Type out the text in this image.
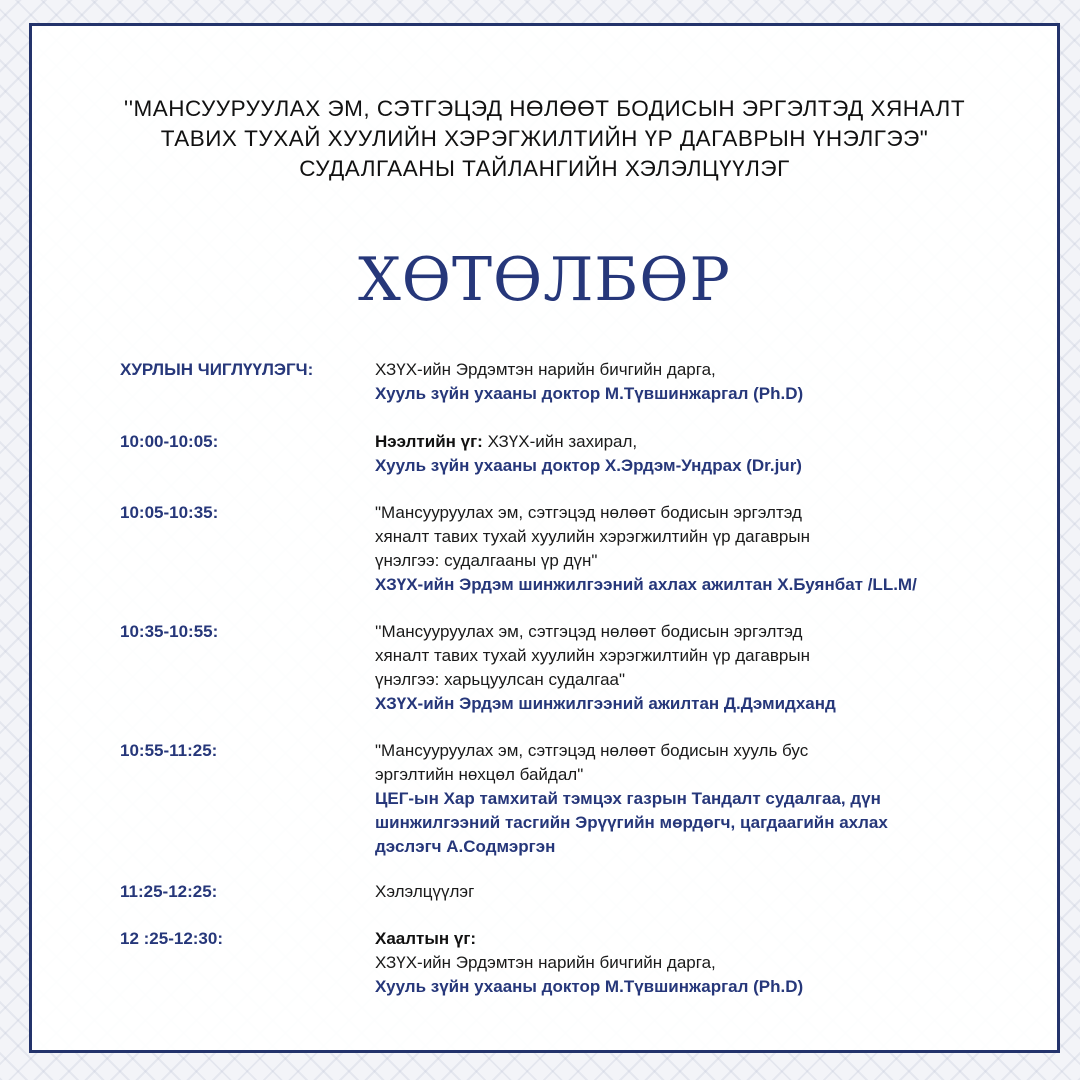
''МАНСУУРУУЛАХ ЭМ, СЭТГЭЦЭД НӨЛӨӨТ БОДИСЫН ЭРГЭЛТЭД ХЯНАЛТ
ТАВИХ ТУХАЙ ХУУЛИЙН ХЭРЭГЖИЛТИЙН ҮР ДАГАВРЫН ҮНЭЛГЭЭ"
СУДАЛГААНЫ ТАЙЛАНГИЙН ХЭЛЭЛЦҮҮЛЭГ
ХӨТӨЛБӨР
ХУРЛЫН ЧИГЛҮҮЛЭГЧ:	ХЗҮХ-ийн Эрдэмтэн нарийн бичгийн дарга,
Хууль зүйн ухааны доктор М.Түвшинжаргал (Ph.D)
10:00-10:05:	Нээлтийн үг: ХЗҮХ-ийн захирал,
Хууль зүйн ухааны доктор Х.Эрдэм-Ундрах (Dr.jur)
10:05-10:35:	"Мансууруулах эм, сэтгэцэд нөлөөт бодисын эргэлтэд
хяналт тавих тухай хуулийн хэрэгжилтийн үр дагаврын
үнэлгээ: судалгааны үр дүн"
ХЗҮХ-ийн Эрдэм шинжилгээний ахлах ажилтан Х.Буянбат /LL.M/
10:35-10:55:	''Мансууруулах эм, сэтгэцэд нөлөөт бодисын эргэлтэд
хяналт тавих тухай хуулийн хэрэгжилтийн үр дагаврын
үнэлгээ: харьцуулсан судалгаа"
ХЗҮХ-ийн Эрдэм шинжилгээний ажилтан Д.Дэмидханд
10:55-11:25:	"Мансууруулах эм, сэтгэцэд нөлөөт бодисын хууль бус
эргэлтийн нөхцөл байдал"
ЦЕГ-ын Хар тамхитай тэмцэх газрын Тандалт судалгаа, дүн
шинжилгээний тасгийн Эрүүгийн мөрдөгч, цагдаагийн ахлах
дэслэгч А.Содмэргэн
11:25-12:25:	Хэлэлцүүлэг
12 :25-12:30:	Хаалтын үг:
ХЗҮХ-ийн Эрдэмтэн нарийн бичгийн дарга,
Хууль зүйн ухааны доктор М.Түвшинжаргал (Ph.D)
